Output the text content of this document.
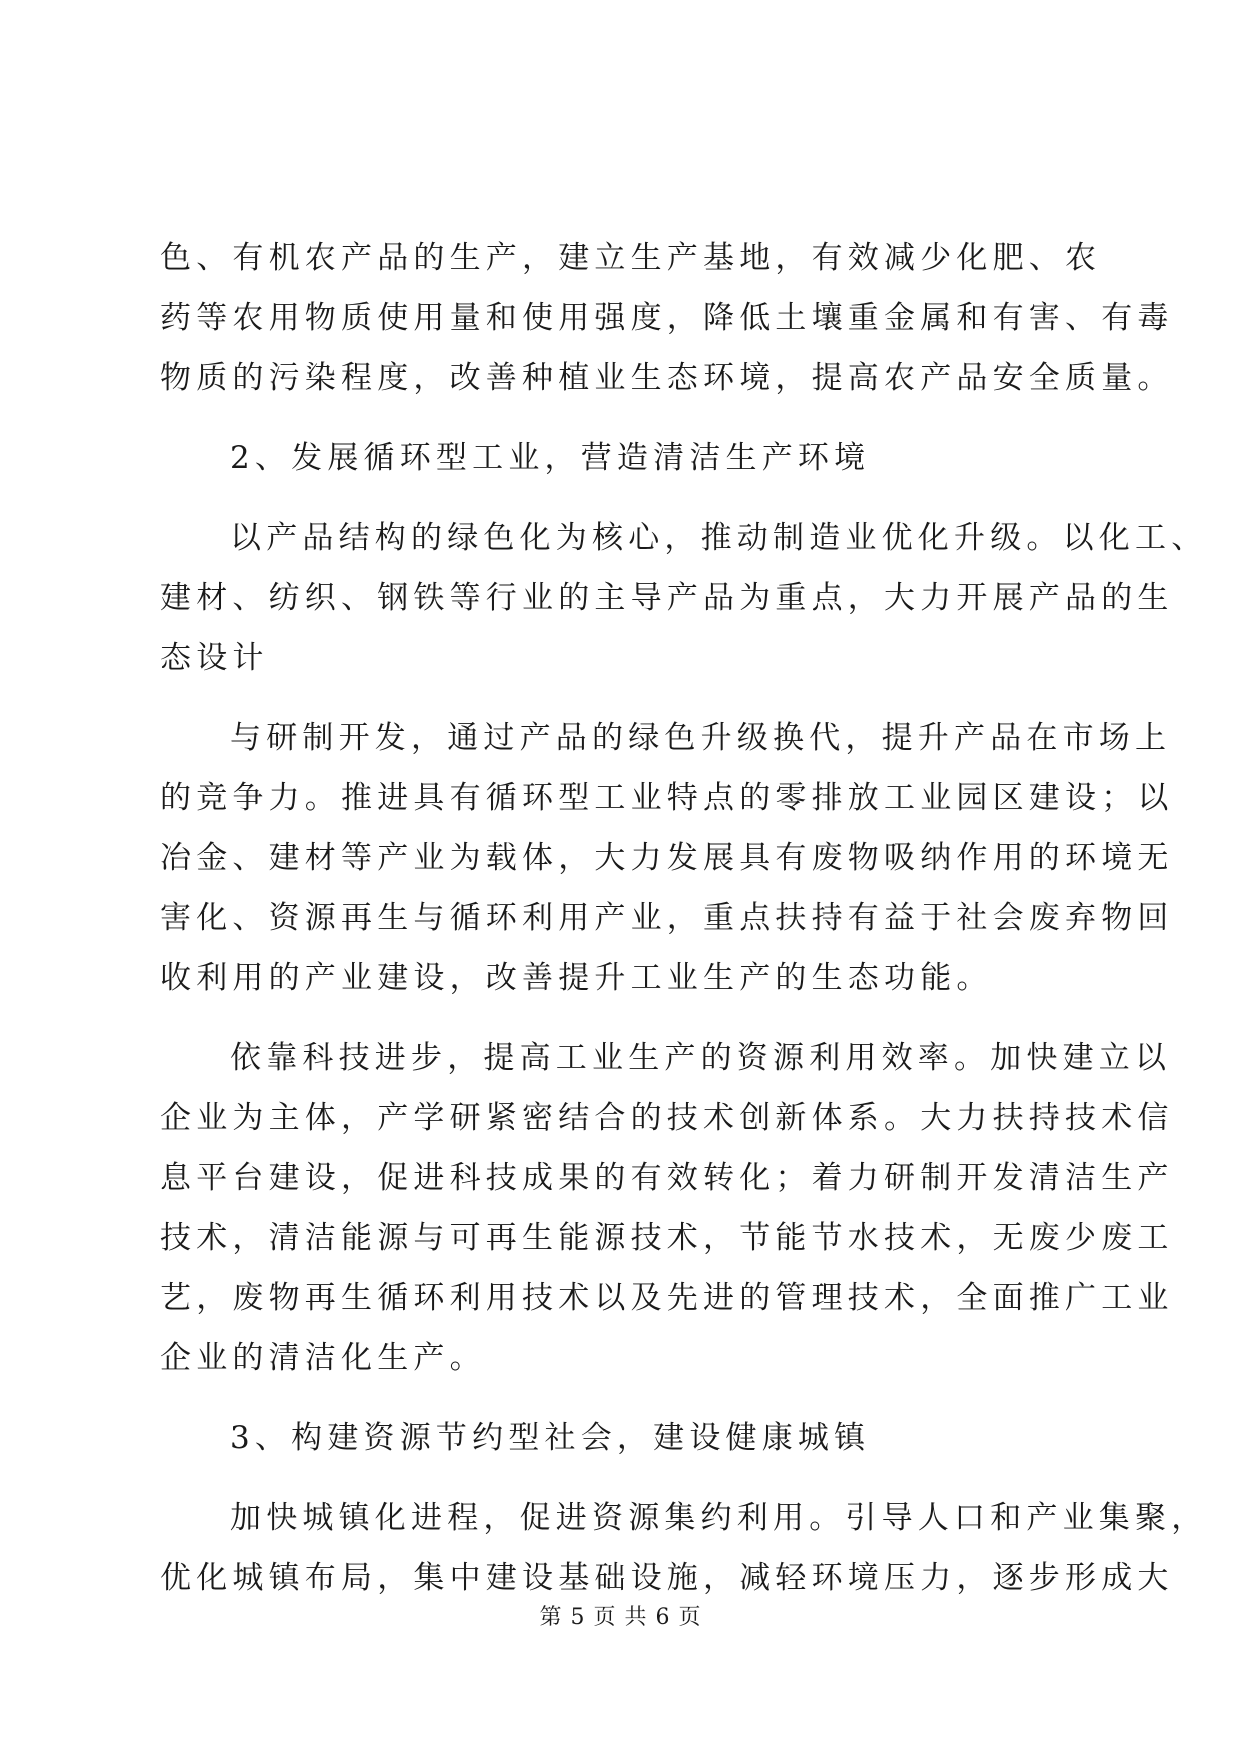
色、有机农产品的生产，建立生产基地，有效减少化肥、农
药等农用物质使用量和使用强度，降低土壤重金属和有害、有毒
物质的污染程度，改善种植业生态环境，提高农产品安全质量。
2、发展循环型工业，营造清洁生产环境
以产品结构的绿色化为核心，推动制造业优化升级。以化工、
建材、纺织、钢铁等行业的主导产品为重点，大力开展产品的生
态设计
与研制开发，通过产品的绿色升级换代，提升产品在市场上
的竞争力。推进具有循环型工业特点的零排放工业园区建设；以
冶金、建材等产业为载体，大力发展具有废物吸纳作用的环境无
害化、资源再生与循环利用产业，重点扶持有益于社会废弃物回
收利用的产业建设，改善提升工业生产的生态功能。
依靠科技进步，提高工业生产的资源利用效率。加快建立以
企业为主体，产学研紧密结合的技术创新体系。大力扶持技术信
息平台建设，促进科技成果的有效转化；着力研制开发清洁生产
技术，清洁能源与可再生能源技术，节能节水技术，无废少废工
艺，废物再生循环利用技术以及先进的管理技术，全面推广工业
企业的清洁化生产。
3、构建资源节约型社会，建设健康城镇
加快城镇化进程，促进资源集约利用。引导人口和产业集聚，
优化城镇布局，集中建设基础设施，减轻环境压力，逐步形成大
第 5 页 共 6 页
